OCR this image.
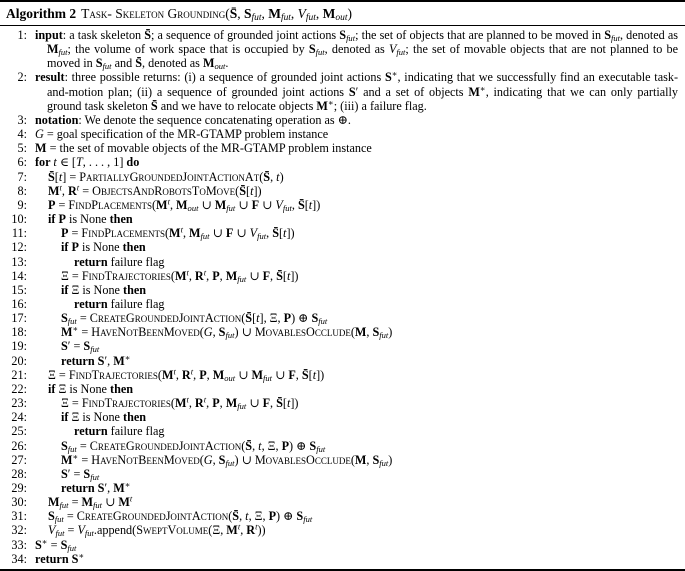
Algorithm 2 Task- Skeleton Grounding(S̄, $S_{fut}$, $M_{fut}$, $V_{fut}$, $M_{out}$)
1: input: a task skeleton S̄; a sequence of grounded joint actions $S_{fut}$; the set of objects that are planned to be moved in $S_{fut}$, denoted as $M_{fut}$; the volume of work space that is occupied by $S_{fut}$, denoted as $V_{fut}$; the set of movable objects that are not planned to be moved in $S_{fut}$ and S̄, denoted as $M_{out}$.
2: result: three possible returns: (i) a sequence of grounded joint actions S∗, indicating that we successfully find an executable task-and-motion plan; (ii) a sequence of grounded joint actions S′ and a set of objects M∗, indicating that we can only partially ground task skeleton S̄ and we have to relocate objects M∗; (iii) a failure flag.
3: notation: We denote the sequence concatenating operation as ⊕.
4: G = goal specification of the MR-GTAMP problem instance
5: M = the set of movable objects of the MR-GTAMP problem instance
6: for t ∈ [T, . . . , 1] do
7:	S̄[t] = PartiallyGroundedJointActionAt(S̄, t)
8:	$M^t$, $R^t$ = ObjectsAndRobotsToMove(S̄[t])
9:	$P = FindPlacements(M^t$, $M_{out}$ ∪ $M_{fut}$ ∪ F ∪ $V_{fut}$, S̄[t])
10:	if P is None then
11:	$P = FindPlacements(M^t$, $M_{fut}$ ∪ F ∪ $V_{fut}$, S̄[t])
12:	if P is None then
13:	return failure flag
14:	$\Xi = FindTrajectories(M^t$, $R^t$, P, $M_{fut}$ ∪ F, S̄[t])
15:	if Ξ is None then
16:	return failure flag
17:	$S_{fut}$ = CreateGroundedJointAction(S̄[t], Ξ, P) ⊕ $S_{fut}$
18:	M∗ = HaveNotBeenMoved(G, $S_{fut}$) ∪ MovablesOcclude(M, $S_{fut}$)
19:	$S' = S_{fut}$
20:	return S′, M∗
21:	$\Xi = FindTrajectories(M^t$, $R^t$, P, $M_{out}$ ∪ $M_{fut}$ ∪ F, S̄[t])
22:	if Ξ is None then
23:	$\Xi = FindTrajectories(M^t$, $R^t$, P, $M_{fut}$ ∪ F, S̄[t])
24:	if Ξ is None then
25:	return failure flag
26:	$S_{fut}$ = CreateGroundedJointAction(S̄, t, Ξ, P) ⊕ $S_{fut}$
27:	M∗ = HaveNotBeenMoved(G, $S_{fut}$) ∪ MovablesOcclude(M, $S_{fut}$)
28:	$S' = S_{fut}$
29:	return S′, M∗
30:	$M_{fut} = M_{fut}$ ∪ $M^t$
31:	$S_{fut}$ = CreateGroundedJointAction(S̄, t, Ξ, P) ⊕ $S_{fut}$
32:	$V_{fut}$ = $V_{fut}.append(SweptVolume(\Xi$, $M^t$, $R^t$))
33: $S^∗ = S_{fut}$
34: return S∗
